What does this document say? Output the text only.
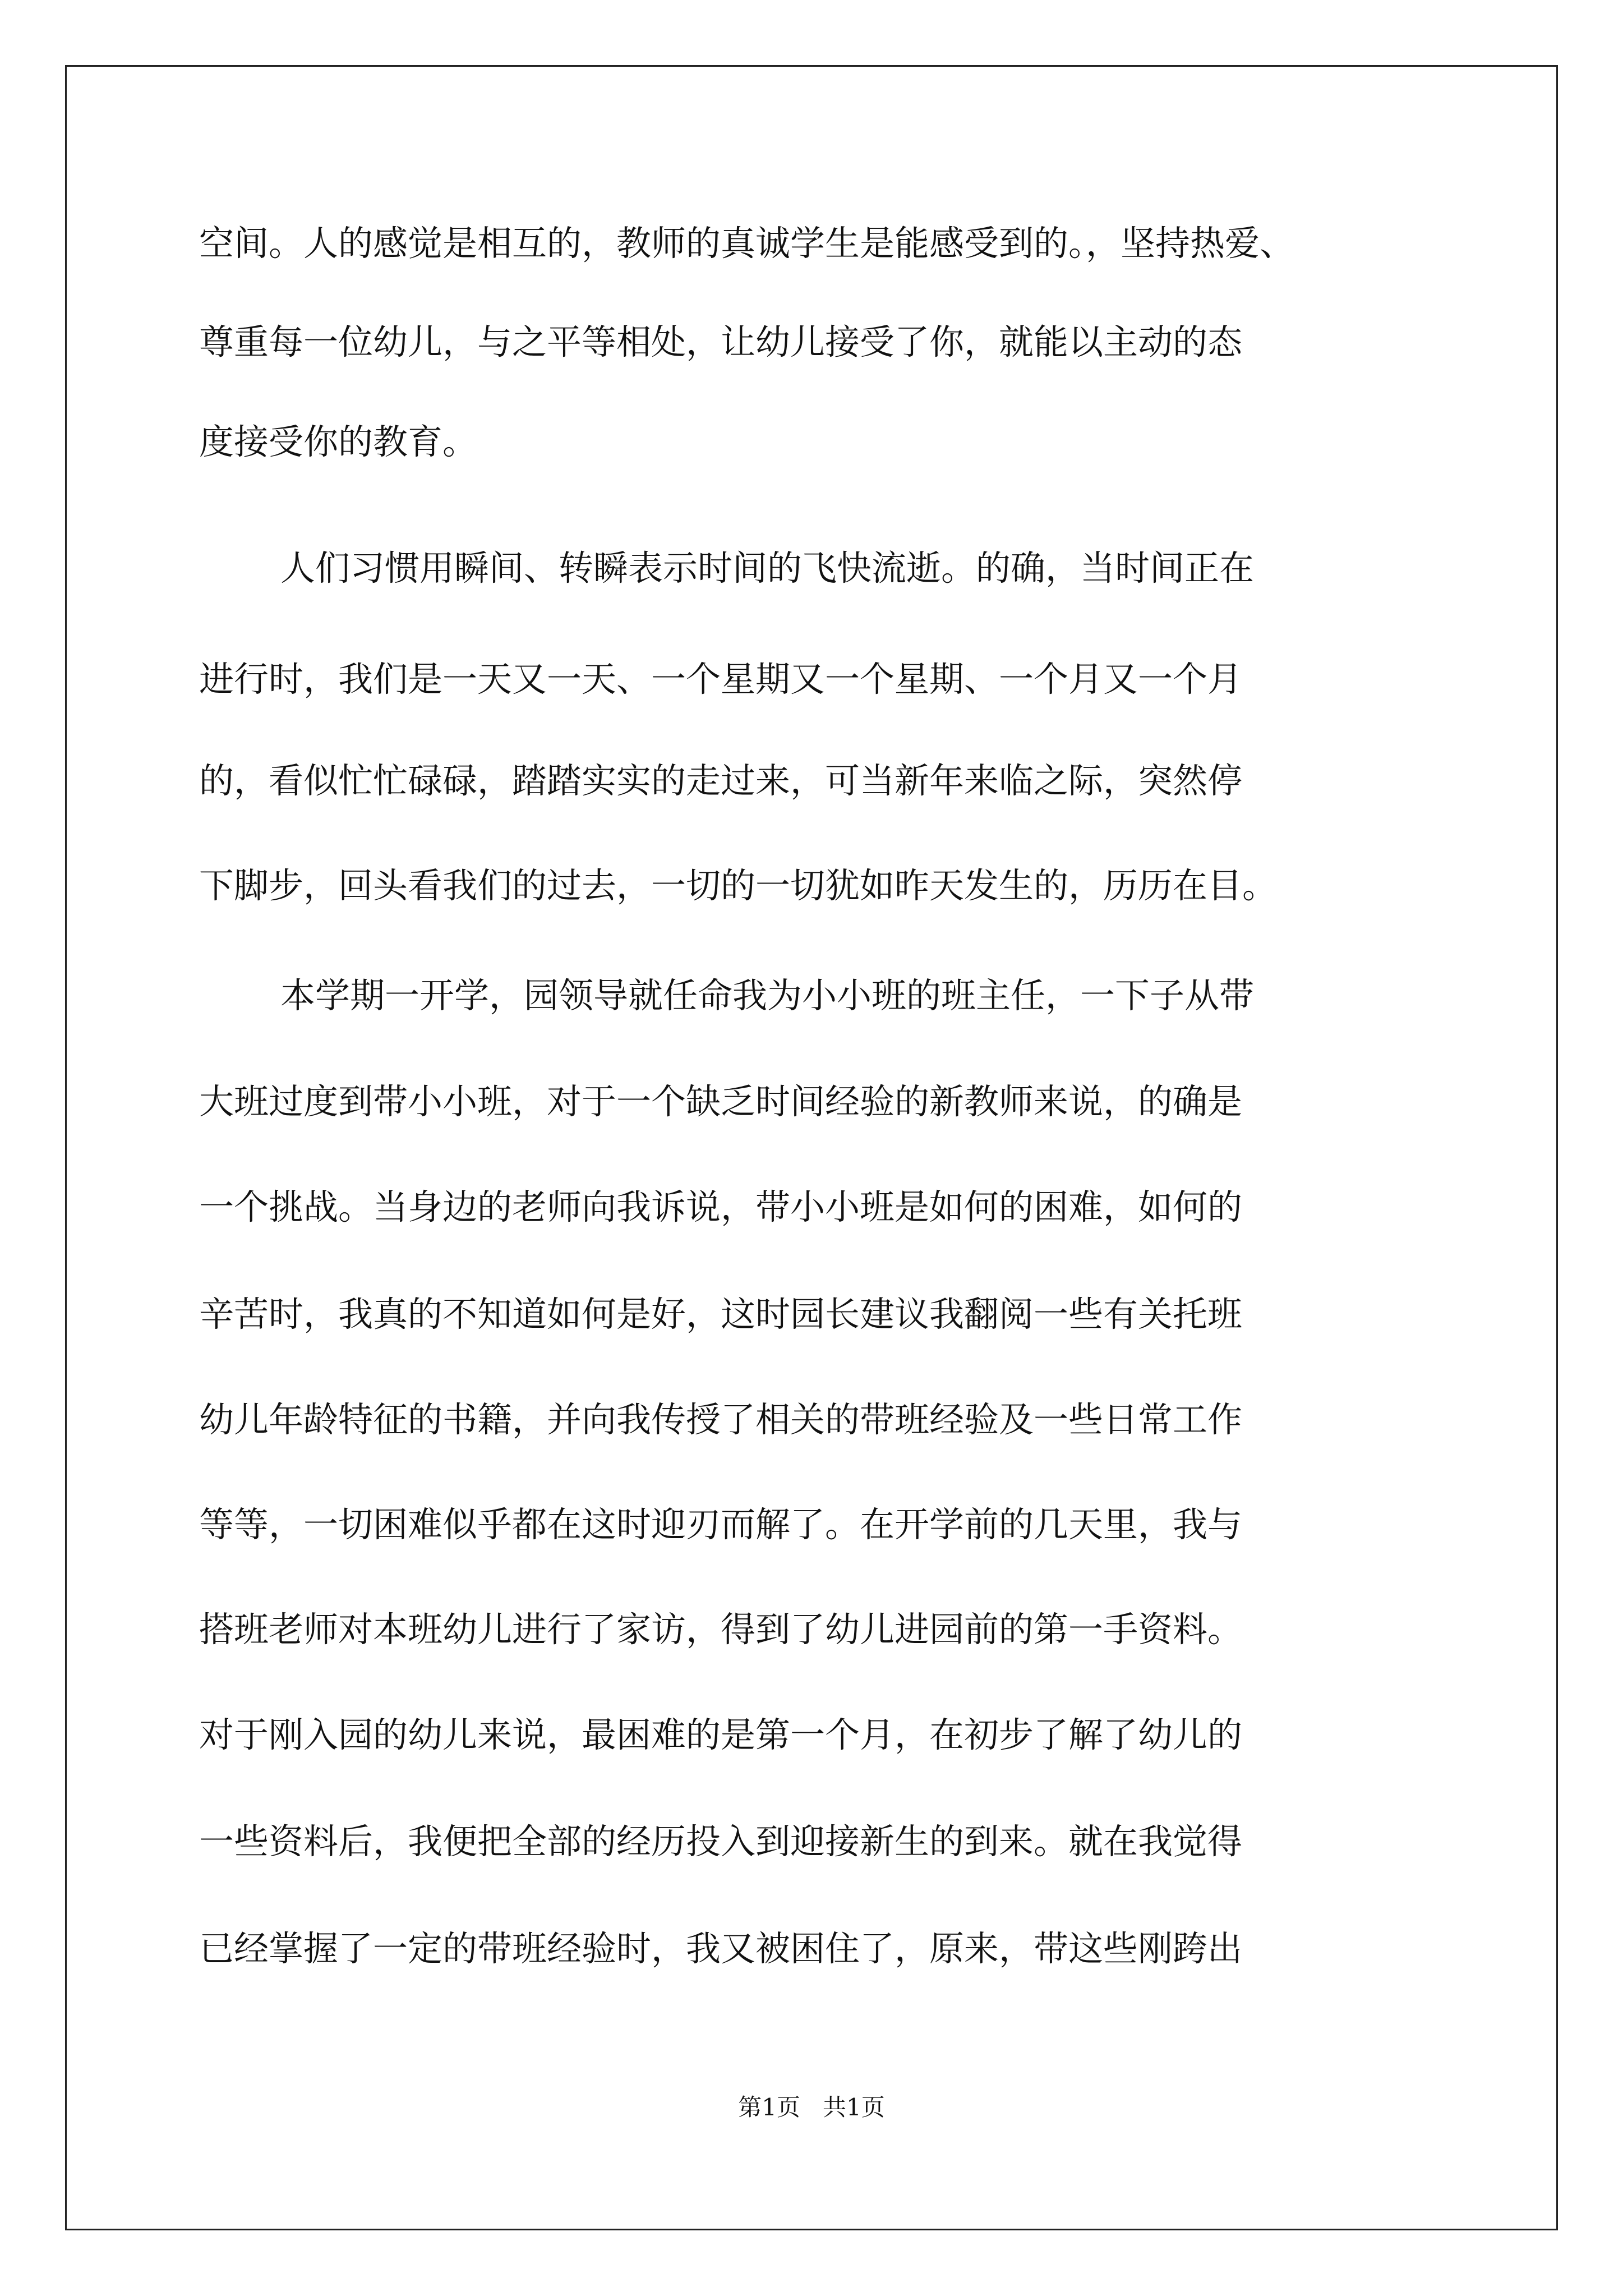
空间。人的感觉是相互的，教师的真诚学生是能感受到的。，坚持热爱、
尊重每一位幼儿，与之平等相处，让幼儿接受了你，就能以主动的态
度接受你的教育。
人们习惯用瞬间、转瞬表示时间的飞快流逝。的确，当时间正在
进行时，我们是一天又一天、一个星期又一个星期、一个月又一个月
的，看似忙忙碌碌，踏踏实实的走过来，可当新年来临之际，突然停
下脚步，回头看我们的过去，一切的一切犹如昨天发生的，历历在目。
本学期一开学，园领导就任命我为小小班的班主任，一下子从带
大班过度到带小小班，对于一个缺乏时间经验的新教师来说，的确是
一个挑战。当身边的老师向我诉说，带小小班是如何的困难，如何的
辛苦时，我真的不知道如何是好，这时园长建议我翻阅一些有关托班
幼儿年龄特征的书籍，并向我传授了相关的带班经验及一些日常工作
等等，一切困难似乎都在这时迎刃而解了。在开学前的几天里，我与
搭班老师对本班幼儿进行了家访，得到了幼儿进园前的第一手资料。
对于刚入园的幼儿来说，最困难的是第一个月，在初步了解了幼儿的
一些资料后，我便把全部的经历投入到迎接新生的到来。就在我觉得
已经掌握了一定的带班经验时，我又被困住了，原来，带这些刚跨出
第1页   共1页
